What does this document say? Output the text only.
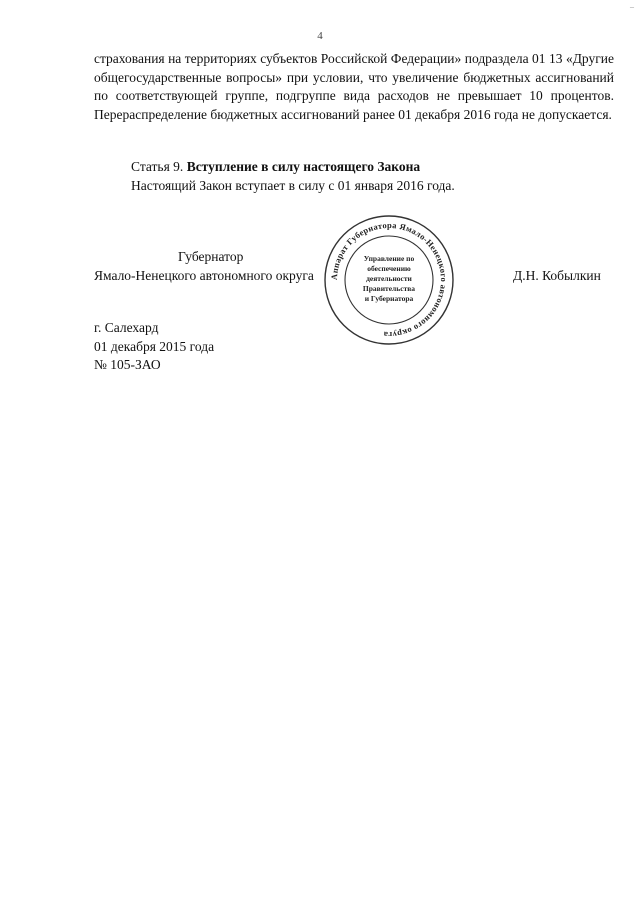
–
4

страхования на территориях субъектов Российской Федерации» подраздела 01 13 «Другие общегосударственные вопросы» при условии, что увеличение бюджетных ассигнований по соответствующей группе, подгруппе вида расходов не превышает 10 процентов. Перераспределение бюджетных ассигнований ранее 01 декабря 2016 года не допускается.

Статья 9. Вступление в силу настоящего Закона

Настоящий Закон вступает в силу с 01 января 2016 года.

Губернатор

Ямало-Ненецкого автономного округа	Д.Н. Кобылкин

Аппарат Губернатора Ямало-Ненецкого автономного округа
Управление по
обеспечению
деятельности
Правительства
и Губернатора
г. Салехард
01 декабря 2015 года
№ 105-ЗАО
